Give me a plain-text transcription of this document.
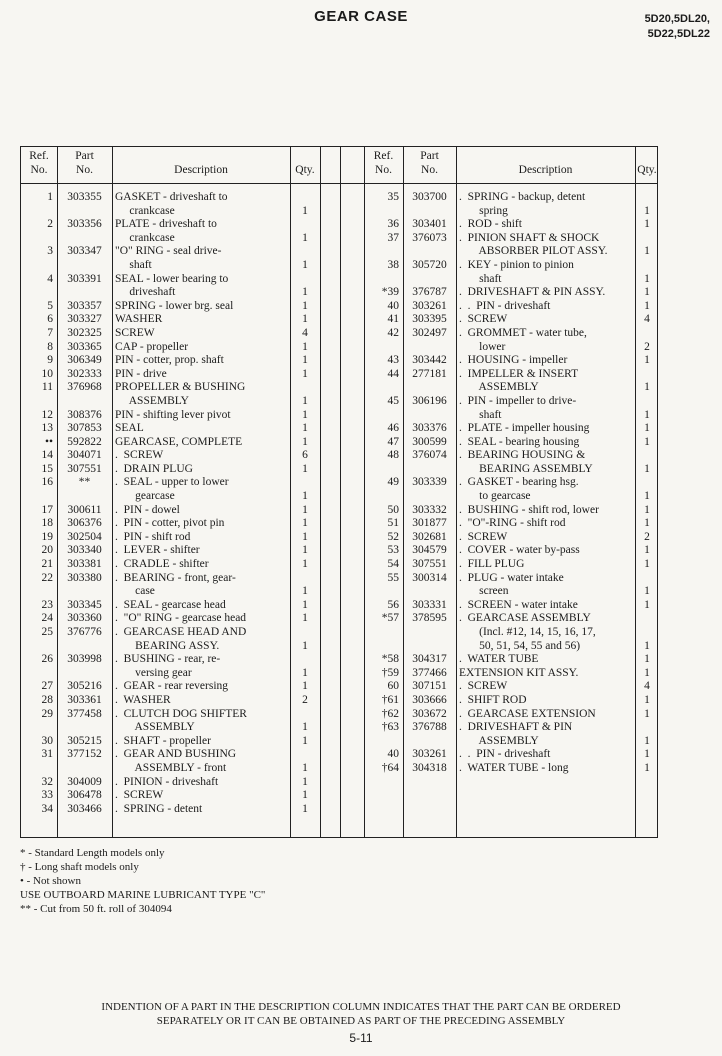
GEAR CASE	5D20,5DL20,
5D22,5DL22
Ref.
No.
Part
No.	Description	Qty.
Ref.
No.
Part
No.	Description	Qty.
1	303355	GASKET - driveshaft to
crankcase	1
2	303356	PLATE - driveshaft to
crankcase	1
3	303347	"O" RING - seal drive-
shaft	1
4	303391	SEAL - lower bearing to
driveshaft	1
5	303357	SPRING - lower brg. seal	1
6	303327	WASHER	1
7	302325	SCREW	4
8	303365	CAP - propeller	1
9	306349	PIN - cotter, prop. shaft	1
10	302333	PIN - drive	1
11	376968	PROPELLER & BUSHING
ASSEMBLY	1
12	308376	PIN - shifting lever pivot	1
13	307853	SEAL	1
••	592822	GEARCASE, COMPLETE	1
14	304071	.  SCREW	6
15	307551	.  DRAIN PLUG	1
16	**	.  SEAL - upper to lower
gearcase	1
17	300611	.  PIN - dowel	1
18	306376	.  PIN - cotter, pivot pin	1
19	302504	.  PIN - shift rod	1
20	303340	.  LEVER - shifter	1
21	303381	.  CRADLE - shifter	1
22	303380	.  BEARING - front, gear-
case	1
23	303345	.  SEAL - gearcase head	1
24	303360	.  "O" RING - gearcase head	1
25	376776	.  GEARCASE HEAD AND
BEARING ASSY.	1
26	303998	.  BUSHING - rear, re-
versing gear	1
27	305216	.  GEAR - rear reversing	1
28	303361	.  WASHER	2
29	377458	.  CLUTCH DOG SHIFTER
ASSEMBLY	1
30	305215	.  SHAFT - propeller	1
31	377152	.  GEAR AND BUSHING
ASSEMBLY - front	1
32	304009	.  PINION - driveshaft	1
33	306478	.  SCREW	1
34	303466	.  SPRING - detent	1
35	303700	.  SPRING - backup, detent
spring	1
36	303401	.  ROD - shift	1
37	376073	.  PINION SHAFT & SHOCK
ABSORBER PILOT ASSY.	1
38	305720	.  KEY - pinion to pinion
shaft	1
*39	376787	.  DRIVESHAFT & PIN ASSY.	1
40	303261	.  .  PIN - driveshaft	1
41	303395	.  SCREW	4
42	302497	.  GROMMET - water tube,
lower	2
43	303442	.  HOUSING - impeller	1
44	277181	.  IMPELLER & INSERT
ASSEMBLY	1
45	306196	.  PIN - impeller to drive-
shaft	1
46	303376	.  PLATE - impeller housing	1
47	300599	.  SEAL - bearing housing	1
48	376074	.  BEARING HOUSING &
BEARING ASSEMBLY	1
49	303339	.  GASKET - bearing hsg.
to gearcase	1
50	303332	.  BUSHING - shift rod, lower	1
51	301877	.  "O"-RING - shift rod	1
52	302681	.  SCREW	2
53	304579	.  COVER - water by-pass	1
54	307551	.  FILL PLUG	1
55	300314	.  PLUG - water intake
screen	1
56	303331	.  SCREEN - water intake	1
*57	378595	.  GEARCASE ASSEMBLY
(Incl. #12, 14, 15, 16, 17,
50, 51, 54, 55 and 56)	1
*58	304317	.  WATER TUBE	1
†59	377466	EXTENSION KIT ASSY.	1
60	307151	.  SCREW	4
†61	303666	.  SHIFT ROD	1
†62	303672	.  GEARCASE EXTENSION	1
†63	376788	.  DRIVESHAFT & PIN
ASSEMBLY	1
40	303261	.  .  PIN - driveshaft	1
†64	304318	.  WATER TUBE - long	1
* - Standard Length models only
† - Long shaft models only
• - Not shown
USE OUTBOARD MARINE LUBRICANT TYPE "C"
** - Cut from 50 ft. roll of 304094
INDENTION OF A PART IN THE DESCRIPTION COLUMN INDICATES THAT THE PART CAN BE ORDERED
SEPARATELY OR IT CAN BE OBTAINED AS PART OF THE PRECEDING ASSEMBLY
5-11
